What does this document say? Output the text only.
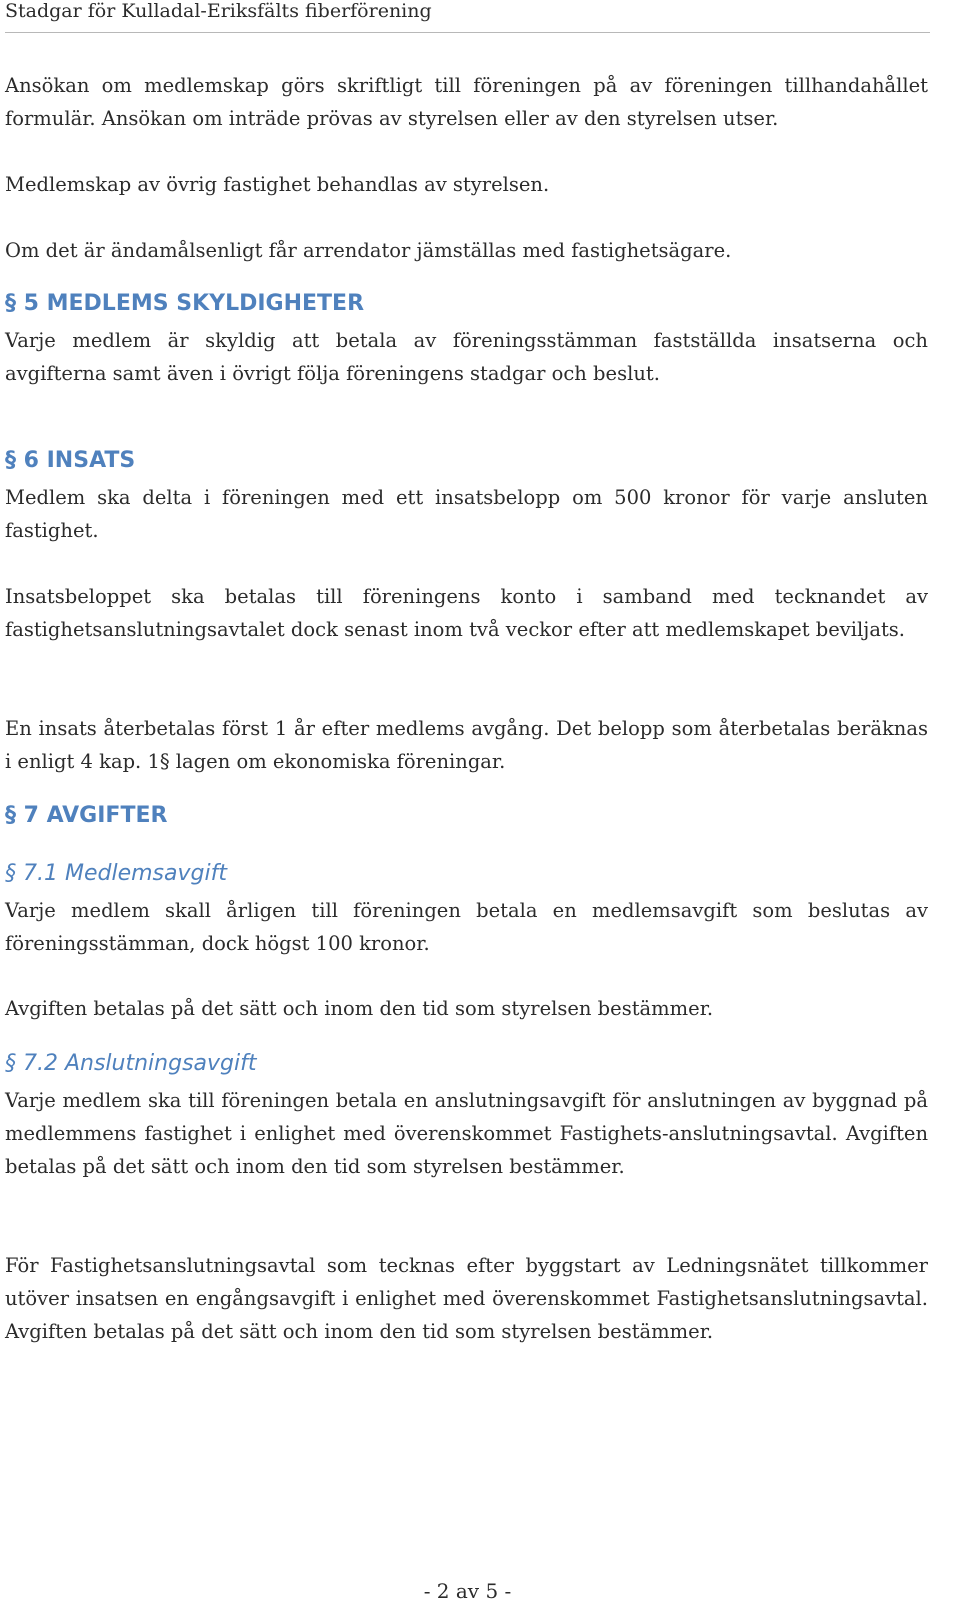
Stadgar för Kulladal-Eriksfälts fiberförening

Ansökan om medlemskap görs skriftligt till föreningen på av föreningen tillhandahållet formulär. Ansökan om inträde prövas av styrelsen eller av den styrelsen utser.

Medlemskap av övrig fastighet behandlas av styrelsen.

Om det är ändamålsenligt får arrendator jämställas med fastighetsägare.

§ 5 MEDLEMS SKYLDIGHETER

Varje medlem är skyldig att betala av föreningsstämman fastställda insatserna och avgifterna samt även i övrigt följa föreningens stadgar och beslut.

§ 6 INSATS

Medlem ska delta i föreningen med ett insatsbelopp om 500 kronor för varje ansluten fastighet.

Insatsbeloppet ska betalas till föreningens konto i samband med tecknandet av fastighetsanslutningsavtalet dock senast inom två veckor efter att medlemskapet beviljats.

En insats återbetalas först 1 år efter medlems avgång. Det belopp som återbetalas beräknas i enligt 4 kap. 1§ lagen om ekonomiska föreningar.

§ 7 AVGIFTER
§ 7.1 Medlemsavgift

Varje medlem skall årligen till föreningen betala en medlemsavgift som beslutas av föreningsstämman, dock högst 100 kronor.

Avgiften betalas på det sätt och inom den tid som styrelsen bestämmer.

§ 7.2 Anslutningsavgift

Varje medlem ska till föreningen betala en anslutningsavgift för anslutningen av byggnad på medlemmens fastighet i enlighet med överenskommet Fastighets-anslutningsavtal. Avgiften betalas på det sätt och inom den tid som styrelsen bestämmer.

För Fastighetsanslutningsavtal som tecknas efter byggstart av Ledningsnätet tillkommer utöver insatsen en engångsavgift i enlighet med överenskommet Fastighetsanslutningsavtal. Avgiften betalas på det sätt och inom den tid som styrelsen bestämmer.

- 2 av 5 -
